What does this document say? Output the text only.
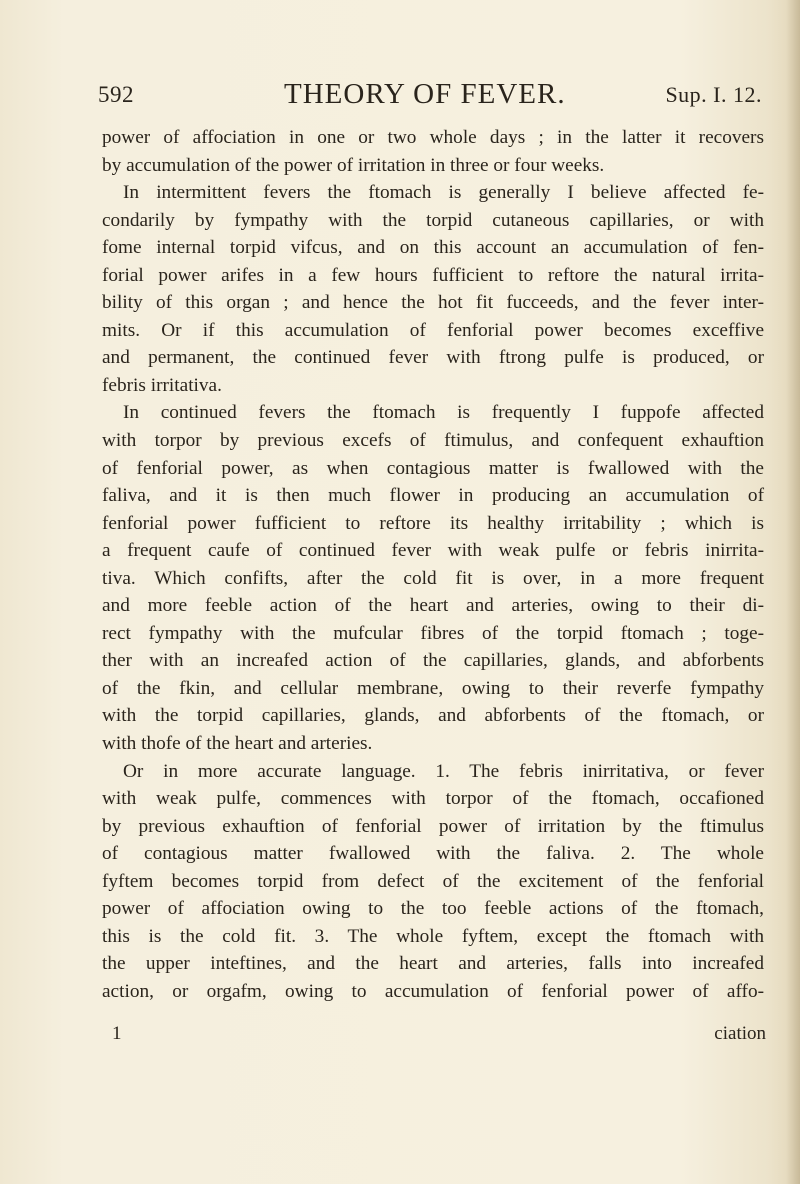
592	THEORY OF FEVER.	Sup. I. 12.
power of affociation in one or two whole days ; in the latter it recovers
by accumulation of the power of irritation in three or four weeks.
In intermittent fevers the ftomach is generally I believe affected fe-
condarily by fympathy with the torpid cutaneous capillaries, or with
fome internal torpid vifcus, and on this account an accumulation of fen-
forial power arifes in a few hours fufficient to reftore the natural irrita-
bility of this organ ; and hence the hot fit fucceeds, and the fever inter-
mits. Or if this accumulation of fenforial power becomes exceffive
and permanent, the continued fever with ftrong pulfe is produced, or
febris irritativa.
In continued fevers the ftomach is frequently I fuppofe affected
with torpor by previous excefs of ftimulus, and confequent exhauftion
of fenforial power, as when contagious matter is fwallowed with the
faliva, and it is then much flower in producing an accumulation of
fenforial power fufficient to reftore its healthy irritability ; which is
a frequent caufe of continued fever with weak pulfe or febris inirrita-
tiva. Which confifts, after the cold fit is over, in a more frequent
and more feeble action of the heart and arteries, owing to their di-
rect fympathy with the mufcular fibres of the torpid ftomach ; toge-
ther with an increafed action of the capillaries, glands, and abforbents
of the fkin, and cellular membrane, owing to their reverfe fympathy
with the torpid capillaries, glands, and abforbents of the ftomach, or
with thofe of the heart and arteries.
Or in more accurate language. 1. The febris inirritativa, or fever
with weak pulfe, commences with torpor of the ftomach, occafioned
by previous exhauftion of fenforial power of irritation by the ftimulus
of contagious matter fwallowed with the faliva. 2. The whole
fyftem becomes torpid from defect of the excitement of the fenforial
power of affociation owing to the too feeble actions of the ftomach,
this is the cold fit. 3. The whole fyftem, except the ftomach with
the upper inteftines, and the heart and arteries, falls into increafed
action, or orgafm, owing to accumulation of fenforial power of affo-
1	ciation
